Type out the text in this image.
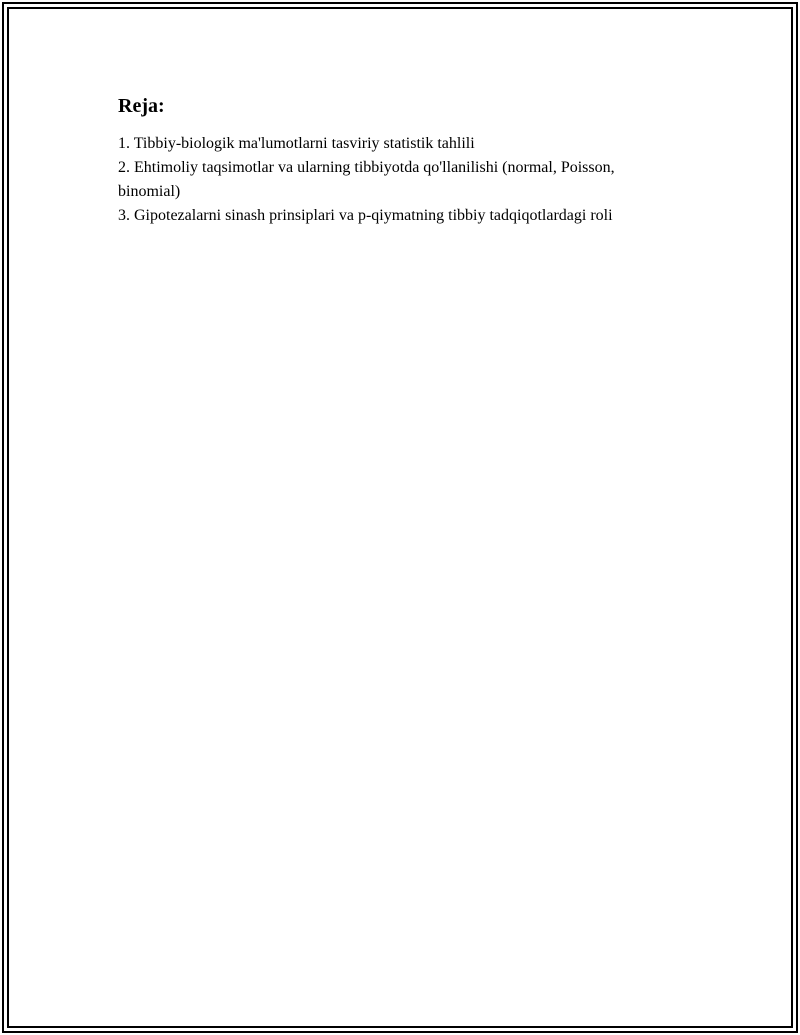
Reja:
1. Tibbiy-biologik ma'lumotlarni tasviriy statistik tahlili
2. Ehtimoliy taqsimotlar va ularning tibbiyotda qo'llanilishi (normal, Poisson, binomial)
3. Gipotezalarni sinash prinsiplari va p-qiymatning tibbiy tadqiqotlardagi roli
